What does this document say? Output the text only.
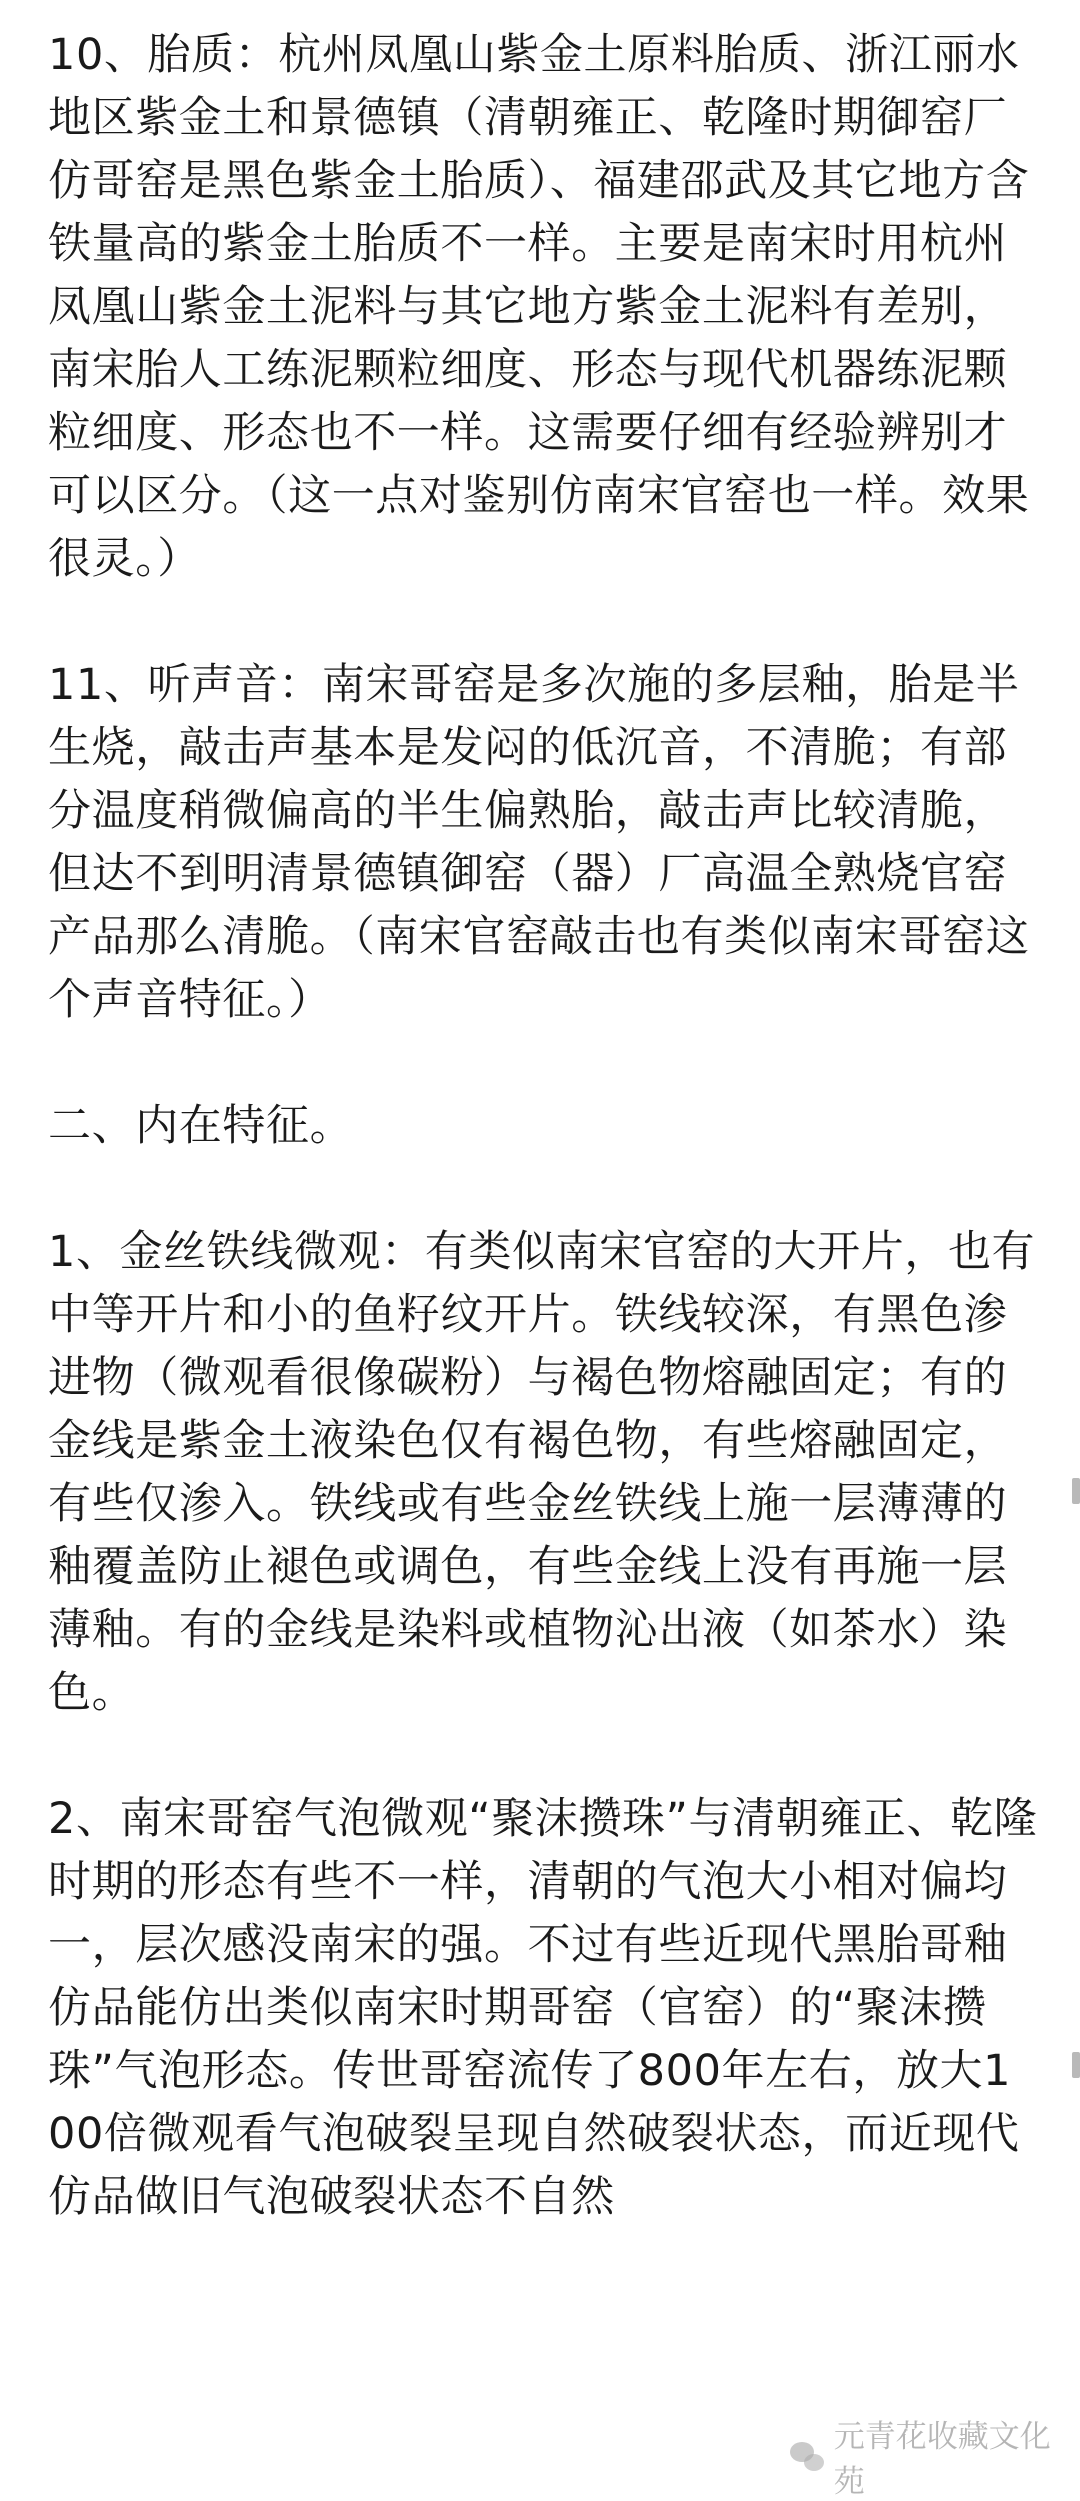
10、胎质：杭州凤凰山紫金土原料胎质、浙江丽水地区紫金土和景德镇（清朝雍正、乾隆时期御窑厂仿哥窑是黑色紫金土胎质）、福建邵武及其它地方含铁量高的紫金土胎质不一样。主要是南宋时用杭州凤凰山紫金土泥料与其它地方紫金土泥料有差别，南宋胎人工练泥颗粒细度、形态与现代机器练泥颗粒细度、形态也不一样。这需要仔细有经验辨别才可以区分。（这一点对鉴别仿南宋官窑也一样。效果很灵。）

11、听声音：南宋哥窑是多次施的多层釉，胎是半生烧，敲击声基本是发闷的低沉音，不清脆；有部分温度稍微偏高的半生偏熟胎，敲击声比较清脆，但达不到明清景德镇御窑（器）厂高温全熟烧官窑产品那么清脆。（南宋官窑敲击也有类似南宋哥窑这个声音特征。）

二、内在特征。

1、金丝铁线微观：有类似南宋官窑的大开片，也有中等开片和小的鱼籽纹开片。铁线较深，有黑色渗进物（微观看很像碳粉）与褐色物熔融固定；有的金线是紫金土液染色仅有褐色物，有些熔融固定，有些仅渗入。铁线或有些金丝铁线上施一层薄薄的釉覆盖防止褪色或调色，有些金线上没有再施一层薄釉。有的金线是染料或植物沁出液（如茶水）染色。

2、南宋哥窑气泡微观“聚沫攒珠”与清朝雍正、乾隆时期的形态有些不一样，清朝的气泡大小相对偏均一，层次感没南宋的强。不过有些近现代黑胎哥釉仿品能仿出类似南宋时期哥窑（官窑）的“聚沫攒珠”气泡形态。传世哥窑流传了800年左右，放大100倍微观看气泡破裂呈现自然破裂状态，而近现代仿品做旧气泡破裂状态不自然

元青花收藏文化苑
